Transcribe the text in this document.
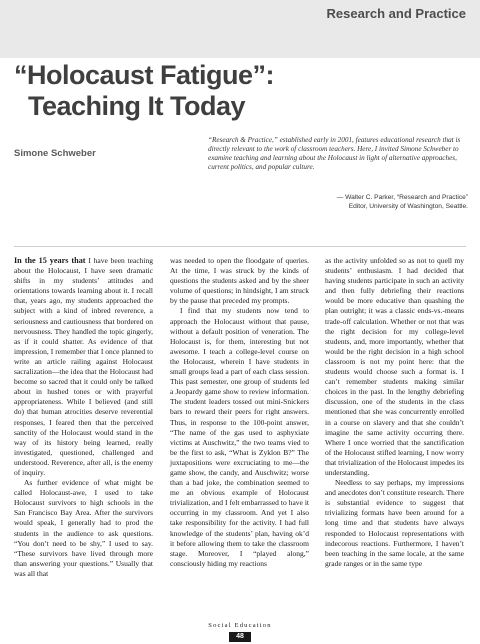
Research and Practice
“Holocaust Fatigue”:
Teaching It Today
Simone Schweber
“Research & Practice,” established early in 2001, features educational research that is directly relevant to the work of classroom teachers. Here, I invited Simone Schweber to examine teaching and learning about the Holocaust in light of alternative approaches, current politics, and popular culture.
— Walter C. Parker, “Research and Practice”
Editor, University of Washington, Seattle.

In the 15 years that I have been teaching about the Holocaust, I have seen dramatic shifts in my students’ attitudes and orientations towards learning about it. I recall that, years ago, my students approached the subject with a kind of inbred reverence, a seriousness and cautiousness that bordered on nervousness. They handled the topic gingerly, as if it could shatter. As evidence of that impression, I remember that I once planned to write an article railing against Holocaust sacralization—the idea that the Holocaust had become so sacred that it could only be talked about in hushed tones or with prayerful appropriateness. While I believed (and still do) that human atrocities deserve reverential responses, I feared then that the perceived sanctity of the Holocaust would stand in the way of its history being learned, really investigated, questioned, challenged and understood. Reverence, after all, is the enemy of inquiry.

As further evidence of what might be called Holocaust-awe, I used to take Holocaust survivors to high schools in the San Francisco Bay Area. After the survivors would speak, I generally had to prod the students in the audience to ask questions. “You don’t need to be shy,” I used to say. “These survivors have lived through more than answering your questions.” Usually that was all that

was needed to open the floodgate of queries. At the time, I was struck by the kinds of questions the students asked and by the sheer volume of questions; in hindsight, I am struck by the pause that preceded my prompts.

I find that my students now tend to approach the Holocaust without that pause, without a default position of veneration. The Holocaust is, for them, interesting but not awesome. I teach a college-level course on the Holocaust, wherein I have students in small groups lead a part of each class session. This past semester, one group of students led a Jeopardy game show to review information. The student leaders tossed out mini-Snickers bars to reward their peers for right answers. Thus, in response to the 100-point answer, “The name of the gas used to asphyxiate victims at Auschwitz,” the two teams vied to be the first to ask, “What is Zyklon B?” The juxtapositions were excruciating to me—the game show, the candy, and Auschwitz; worse than a bad joke, the combination seemed to me an obvious example of Holocaust trivialization, and I felt embarrassed to have it occurring in my classroom. And yet I also take responsibility for the activity. I had full knowledge of the students’ plan, having ok’d it before allowing them to take the classroom stage. Moreover, I “played along,” consciously hiding my reactions

as the activity unfolded so as not to quell my students’ enthusiasm. I had decided that having students participate in such an activity and then fully debriefing their reactions would be more educative than quashing the plan outright; it was a classic ends-vs.-means trade-off calculation. Whether or not that was the right decision for my college-level students, and, more importantly, whether that would be the right decision in a high school classroom is not my point here: that the students would choose such a format is. I can’t remember students making similar choices in the past. In the lengthy debriefing discussion, one of the students in the class mentioned that she was concurrently enrolled in a course on slavery and that she couldn’t imagine the same activity occurring there. Where I once worried that the sanctification of the Holocaust stifled learning, I now worry that trivialization of the Holocaust impedes its understanding.

Needless to say perhaps, my impressions and anecdotes don’t constitute research. There is substantial evidence to suggest that trivializing formats have been around for a long time and that students have always responded to Holocaust representations with indecorous reactions. Furthermore, I haven’t been teaching in the same locale, at the same grade ranges or in the same type

Social Education
48
